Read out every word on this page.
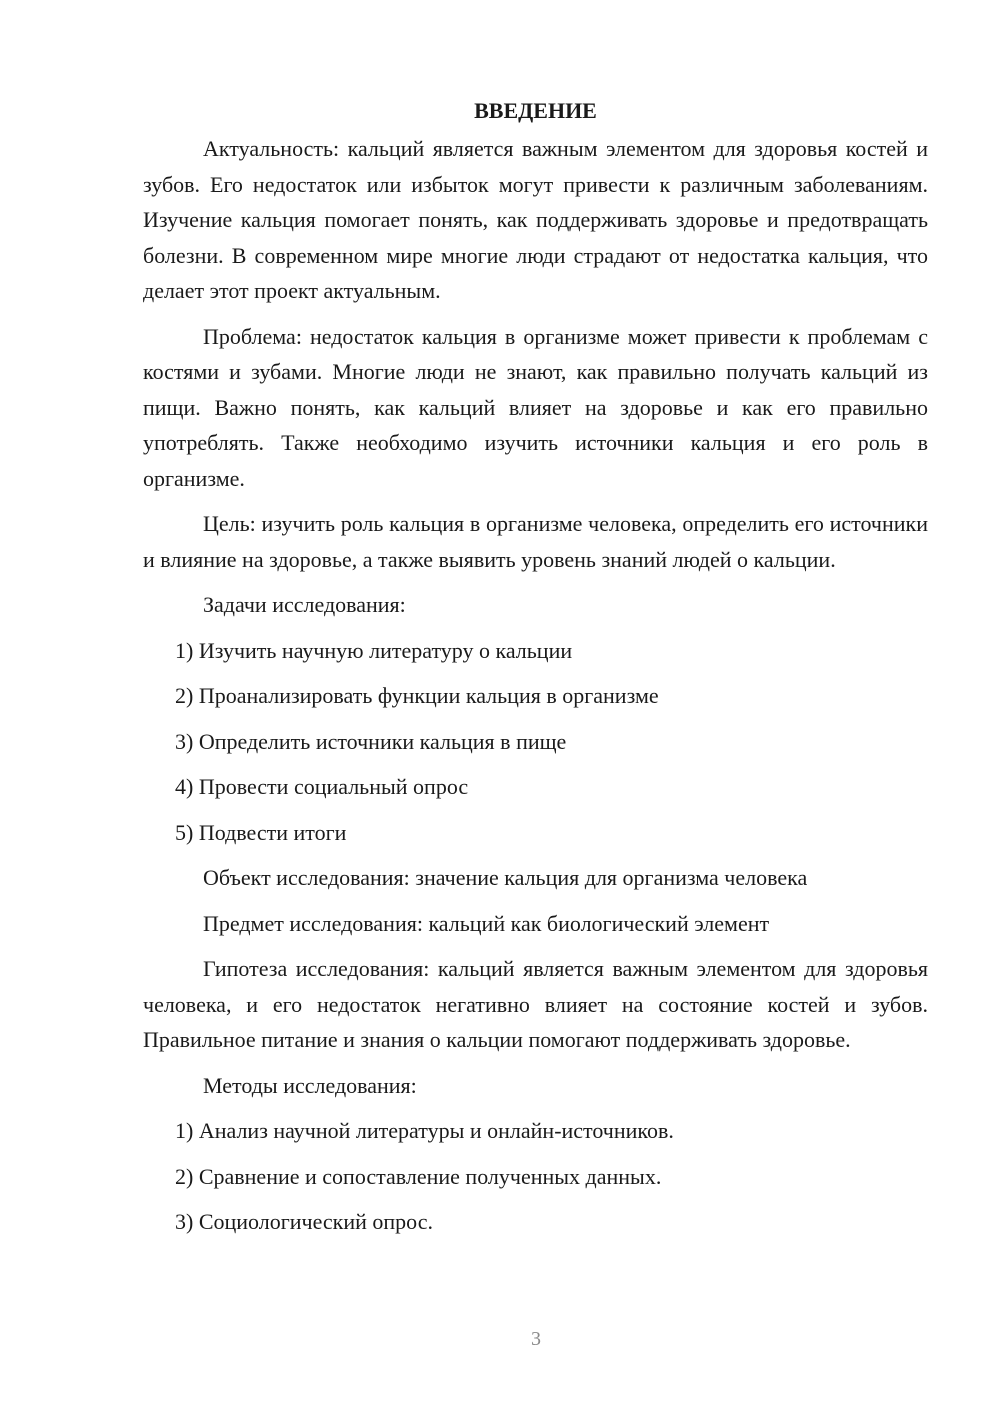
ВВЕДЕНИЕ

Актуальность: кальций является важным элементом для здоровья костей и зубов. Его недостаток или избыток могут привести к различным заболеваниям. Изучение кальция помогает понять, как поддерживать здоровье и предотвращать болезни. В современном мире многие люди страдают от недостатка кальция, что делает этот проект актуальным.

Проблема: недостаток кальция в организме может привести к проблемам с костями и зубами. Многие люди не знают, как правильно получать кальций из пищи. Важно понять, как кальций влияет на здоровье и как его правильно употреблять. Также необходимо изучить источники кальция и его роль в организме.

Цель: изучить роль кальция в организме человека, определить его источники и влияние на здоровье, а также выявить уровень знаний людей о кальции.

Задачи исследования:

1) Изучить научную литературу о кальции
2) Проанализировать функции кальция в организме
3) Определить источники кальция в пище
4) Провести социальный опрос
5) Подвести итоги

Объект исследования: значение кальция для организма человека

Предмет исследования: кальций как биологический элемент

Гипотеза исследования: кальций является важным элементом для здоровья человека, и его недостаток негативно влияет на состояние костей и зубов. Правильное питание и знания о кальции помогают поддерживать здоровье.

Методы исследования:

1) Анализ научной литературы и онлайн-источников.
2) Сравнение и сопоставление полученных данных.
3) Социологический опрос.
3
